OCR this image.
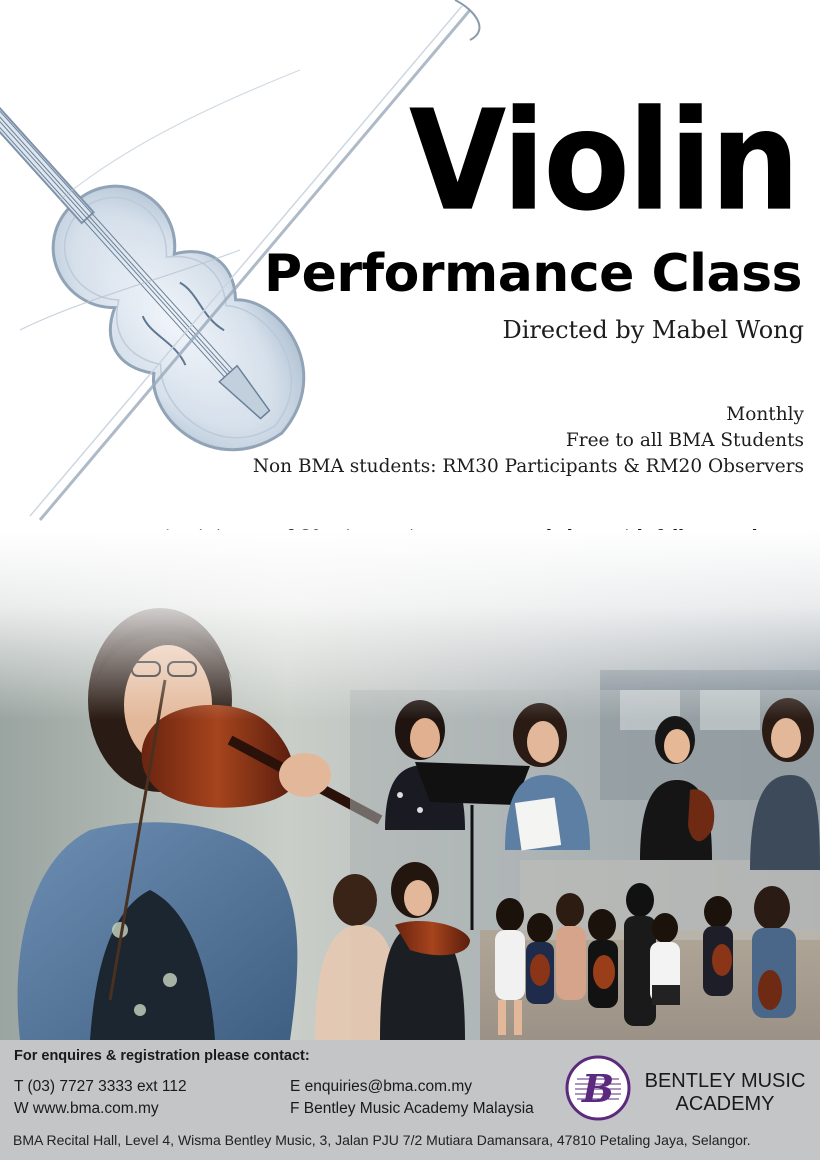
Violin
Performance Class
Directed by Mabel Wong
Monthly
Free to all BMA Students
Non BMA students: RM30 Participants & RM20 Observers
For enquires & registration please contact:
T (03) 7727 3333 ext 112
W www.bma.com.my
E enquiries@bma.com.my
F Bentley Music Academy Malaysia B BENTLEY MUSIC
ACADEMY
BMA Recital Hall, Level 4, Wisma Bentley Music, 3, Jalan PJU 7/2 Mutiara Damansara, 47810 Petaling Jaya, Selangor.
